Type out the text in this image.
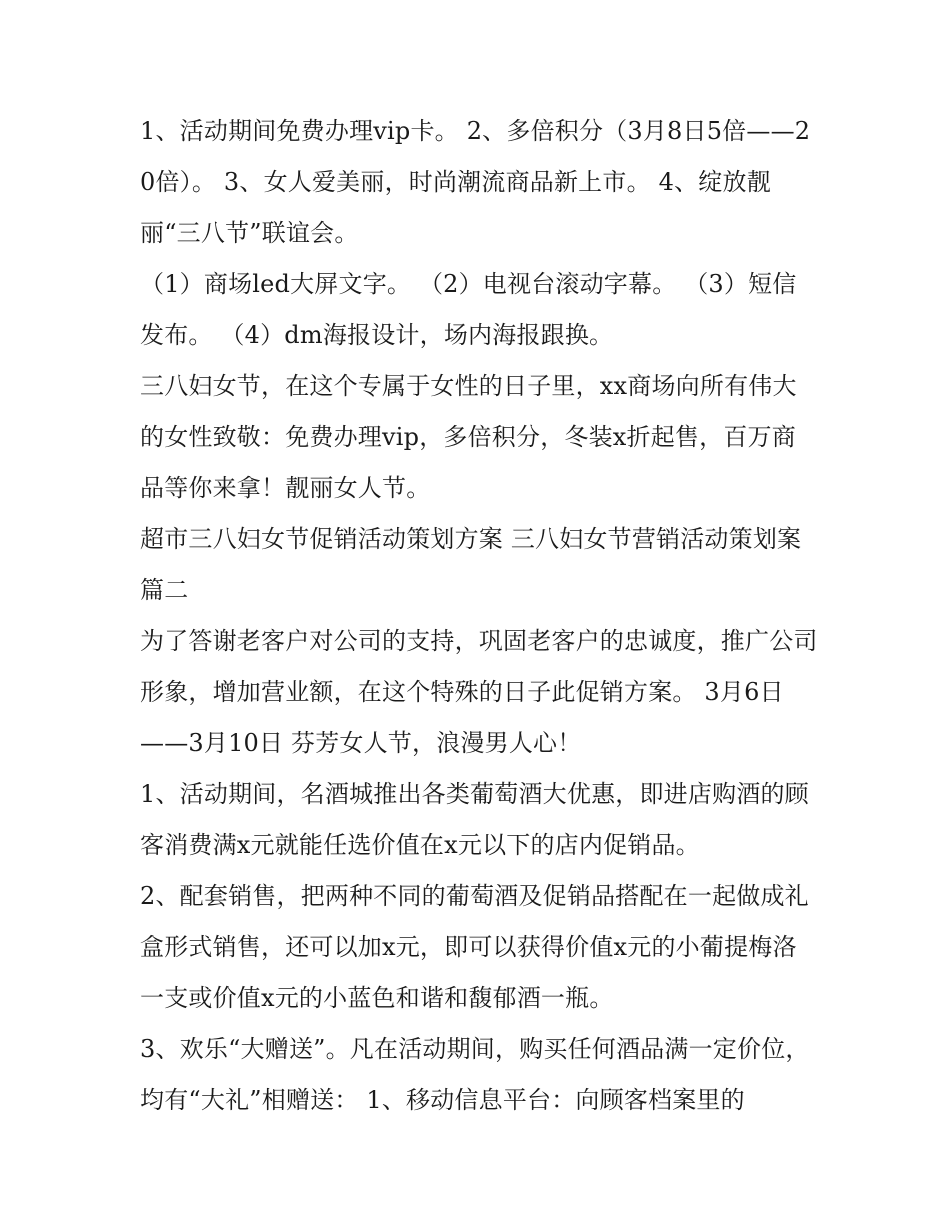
1、活动期间免费办理vip卡。 2、多倍积分（3月8日5倍——20倍）。 3、女人爱美丽，时尚潮流商品新上市。 4、绽放靓丽“三八节”联谊会。

（1）商场led大屏文字。 （2）电视台滚动字幕。 （3）短信发布。 （4）dm海报设计，场内海报跟换。

三八妇女节，在这个专属于女性的日子里，xx商场向所有伟大的女性致敬：免费办理vip，多倍积分，冬装x折起售，百万商品等你来拿！靓丽女人节。

超市三八妇女节促销活动策划方案 三八妇女节营销活动策划案篇二

为了答谢老客户对公司的支持，巩固老客户的忠诚度，推广公司形象，增加营业额，在这个特殊的日子此促销方案。 3月6日——3月10日 芬芳女人节，浪漫男人心！

1、活动期间，名酒城推出各类葡萄酒大优惠，即进店购酒的顾客消费满x元就能任选价值在x元以下的店内促销品。

2、配套销售，把两种不同的葡萄酒及促销品搭配在一起做成礼盒形式销售，还可以加x元，即可以获得价值x元的小葡提梅洛一支或价值x元的小蓝色和谐和馥郁酒一瓶。

3、欢乐“大赠送”。凡在活动期间，购买任何酒品满一定价位，均有“大礼”相赠送： 1、移动信息平台：向顾客档案里的
